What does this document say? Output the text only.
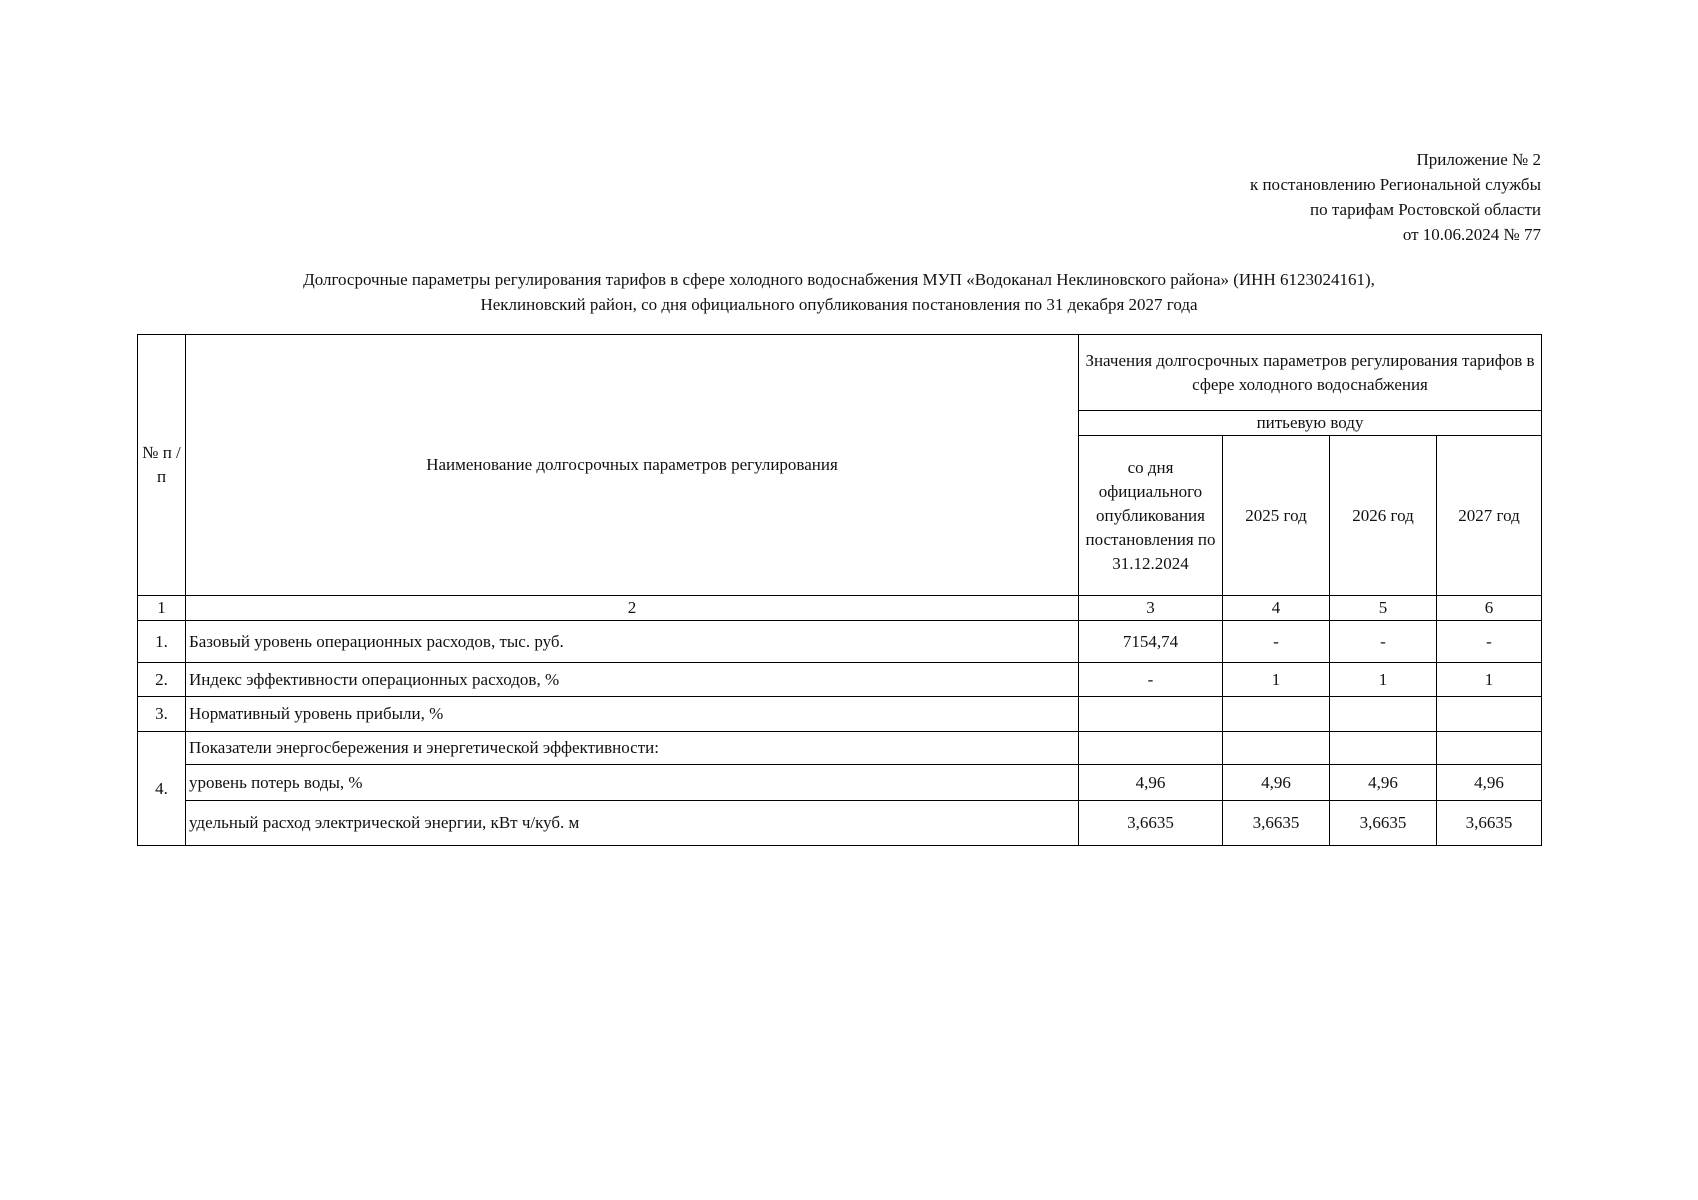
Приложение № 2
к постановлению Региональной службы
по тарифам Ростовской области
от 10.06.2024 № 77
Долгосрочные параметры регулирования тарифов в сфере холодного водоснабжения МУП «Водоканал Неклиновского района» (ИНН 6123024161),
Неклиновский район, со дня официального опубликования постановления по 31 декабря 2027 года
№ п /п	Наименование долгосрочных параметров регулирования	Значения долгосрочных параметров регулирования тарифов в сфере холодного водоснабжения			
		питьевую воду			
		со дня официального опубликования постановления по 31.12.2024	2025 год	2026 год	2027 год
1	2	3	4	5	6
1.	Базовый уровень операционных расходов, тыс. руб.	7154,74	-	-	-
2.	Индекс эффективности операционных расходов, %	-	1	1	1
3.	Нормативный уровень прибыли, %				
4.	Показатели энергосбережения и энергетической эффективности:				
	уровень потерь воды, %	4,96	4,96	4,96	4,96
	удельный расход электрической энергии, кВт ч/куб. м	3,6635	3,6635	3,6635	3,6635
